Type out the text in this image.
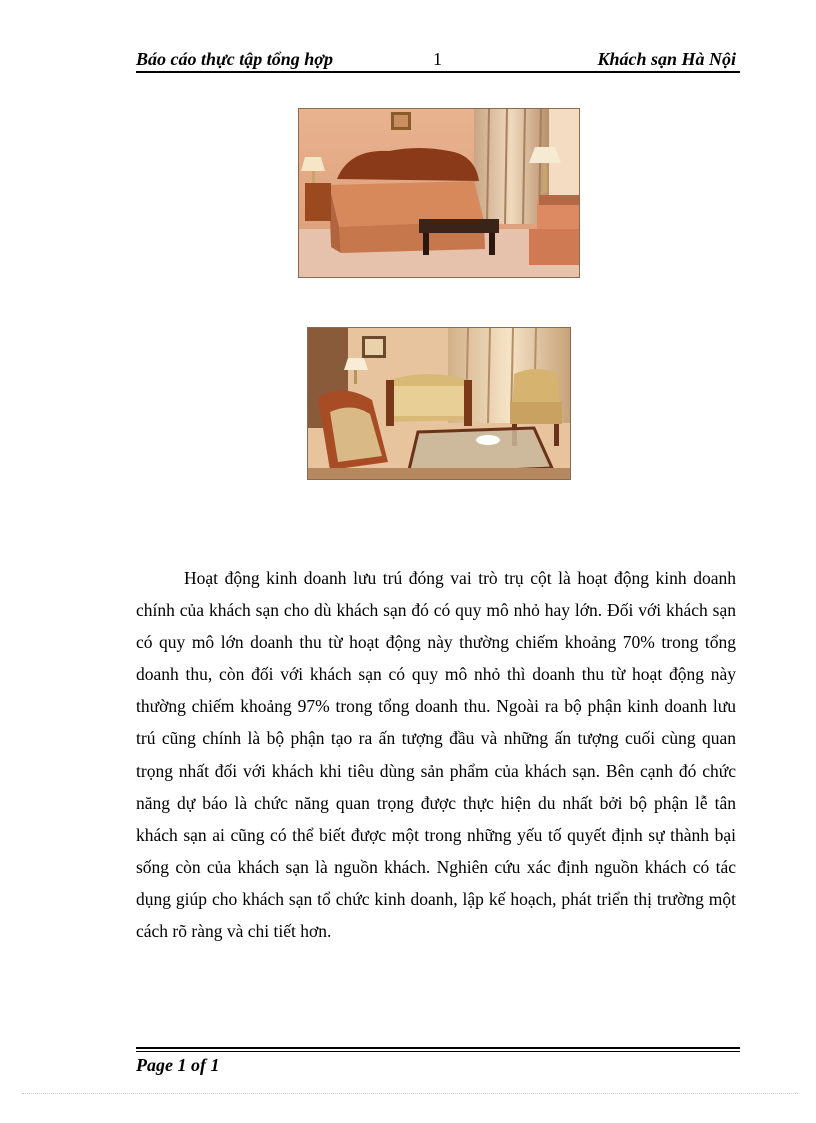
Báo cáo thực tập tổng hợp	1	Khách sạn Hà Nội

Hoạt động kinh doanh lưu trú đóng vai trò trụ cột là hoạt động kinh doanh chính của khách sạn cho dù khách sạn đó có quy mô nhỏ hay lớn. Đối với khách sạn có quy mô lớn doanh thu từ hoạt động này thường chiếm khoảng 70% trong tổng doanh thu, còn đối với khách sạn có quy mô nhỏ thì doanh thu từ hoạt động này thường chiếm khoảng 97% trong tổng doanh thu. Ngoài ra bộ phận kinh doanh lưu trú cũng chính là bộ phận tạo ra ấn tượng đầu và những ấn tượng cuối cùng quan trọng nhất đối với khách khi tiêu dùng sản phẩm của khách sạn. Bên cạnh đó chức năng dự báo là chức năng quan trọng được thực hiện du nhất bởi bộ phận lễ tân khách sạn ai cũng có thể biết được một trong những yếu tố quyết định sự thành bại sống còn của khách sạn là nguồn khách. Nghiên cứu xác định nguồn khách có tác dụng giúp cho khách sạn tổ chức kinh doanh, lập kế hoạch, phát triển thị trường một cách rõ ràng và chi tiết hơn.

Page 1 of 1
